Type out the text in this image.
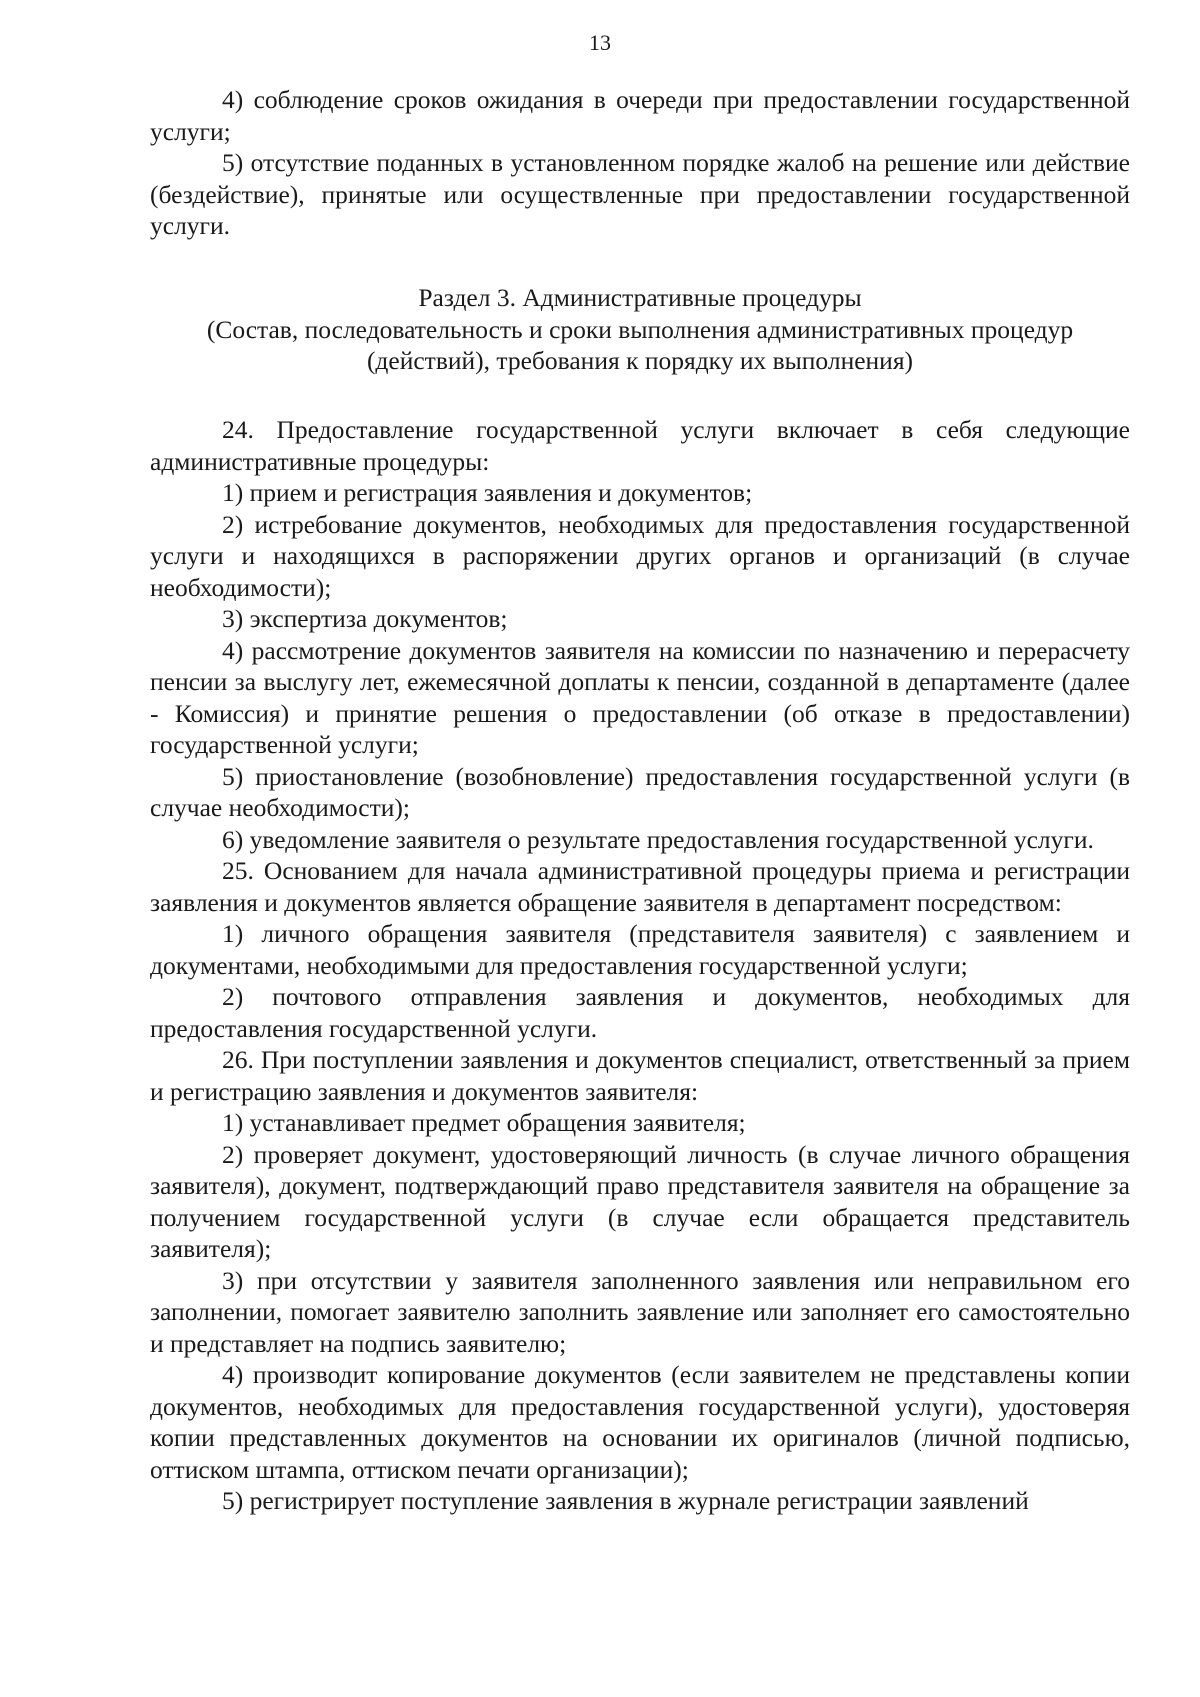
13

4) соблюдение сроков ожидания в очереди при предоставлении государственной услуги;

5) отсутствие поданных в установленном порядке жалоб на решение или действие (бездействие), принятые или осуществленные при предоставлении государственной услуги.

Раздел 3. Административные процедуры
(Состав, последовательность и сроки выполнения административных процедур
(действий), требования к порядку их выполнения)

24. Предоставление государственной услуги включает в себя следующие административные процедуры:

1) прием и регистрация заявления и документов;

2) истребование документов, необходимых для предоставления государственной услуги и находящихся в распоряжении других органов и организаций (в случае необходимости);

3) экспертиза документов;

4) рассмотрение документов заявителя на комиссии по назначению и перерасчету пенсии за выслугу лет, ежемесячной доплаты к пенсии, созданной в департаменте (далее - Комиссия) и принятие решения о предоставлении (об отказе в предоставлении) государственной услуги;

5) приостановление (возобновление) предоставления государственной услуги (в случае необходимости);

6) уведомление заявителя о результате предоставления государственной услуги.

25. Основанием для начала административной процедуры приема и регистрации заявления и документов является обращение заявителя в департамент посредством:

1) личного обращения заявителя (представителя заявителя) с заявлением и документами, необходимыми для предоставления государственной услуги;

2) почтового отправления заявления и документов, необходимых для предоставления государственной услуги.

26. При поступлении заявления и документов специалист, ответственный за прием и регистрацию заявления и документов заявителя:

1) устанавливает предмет обращения заявителя;

2) проверяет документ, удостоверяющий личность (в случае личного обращения заявителя), документ, подтверждающий право представителя заявителя на обращение за получением государственной услуги (в случае если обращается представитель заявителя);

3) при отсутствии у заявителя заполненного заявления или неправильном его заполнении, помогает заявителю заполнить заявление или заполняет его самостоятельно и представляет на подпись заявителю;

4) производит копирование документов (если заявителем не представлены копии документов, необходимых для предоставления государственной услуги), удостоверяя копии представленных документов на основании их оригиналов (личной подписью, оттиском штампа, оттиском печати организации);

5) регистрирует поступление заявления в журнале регистрации заявлений
